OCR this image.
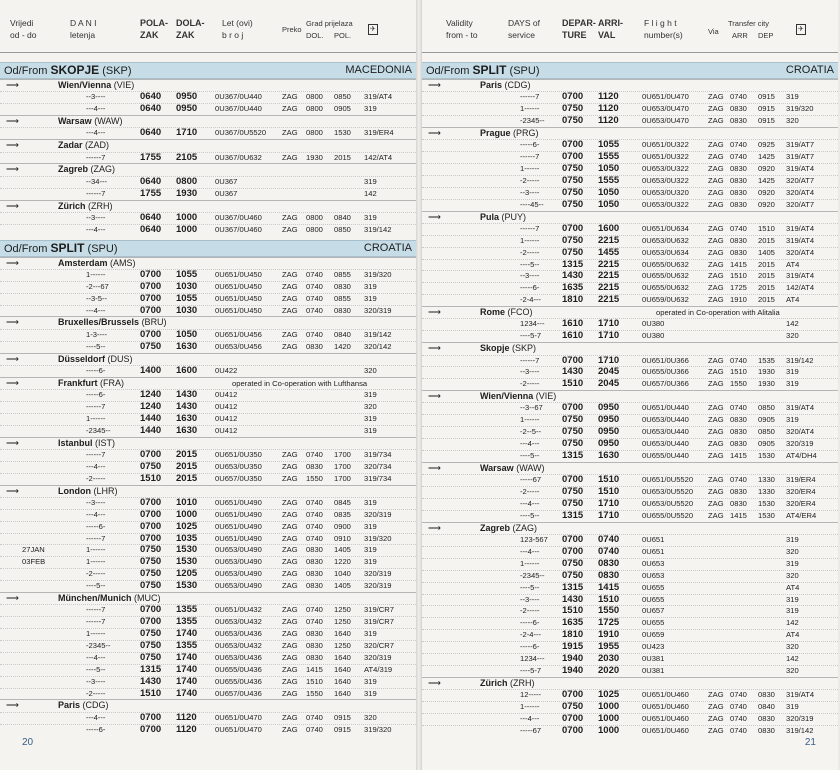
Vrijedi
od - do
D A N I
letenja
POLA-
ZAK
DOLA-
ZAK
Let (ovi)
b r o j
Preko
Grad prijelaza
DOL. POL.
✈
Od/From SKOPJE (SKP)	MACEDONIA
⟶	Wien/Vienna (VIE)
--3----	0640 0950 0U367/0U440	ZAG 0800 0850 319/AT4
---4---	0640 0950 0U367/0U440	ZAG 0800 0905 319
⟶	Warsaw (WAW)
---4---	0640 1710 0U367/0U5520 ZAG 0800 1530 319/ER4
⟶	Zadar (ZAD)
------7	1755 2105 0U367/0U632	ZAG 1930 2015 142/AT4
⟶	Zagreb (ZAG)
--34---	0640 0800 0U367	319
------7	1755 1930 0U367	142
⟶	Zürich (ZRH)
--3----	0640 1000 0U367/0U460	ZAG 0800 0840 319
---4---	0640 1000 0U367/0U460	ZAG 0800 0850 319/142
Od/From SPLIT (SPU)	CROATIA
⟶	Amsterdam (AMS)
1------	0700 1055 0U651/0U450	ZAG 0740 0855 319/320
-2---67	0700 1030 0U651/0U450	ZAG 0740 0830 319
--3-5--	0700 1055 0U651/0U450	ZAG 0740 0855 319
---4---	0700 1030 0U651/0U450	ZAG 0740 0830 320/319
⟶	Bruxelles/Brussels (BRU)
1-3----	0700 1050 0U651/0U456	ZAG 0740 0840 319/142
----5--	0750 1630 0U653/0U456	ZAG 0830 1420 320/142
⟶	Düsseldorf (DUS)
-----6-	1400 1600 0U422	320
⟶	Frankfurt (FRA)	operated in Co-operation with Lufthansa
-----6-	1240 1430 0U412	319
------7	1240 1430 0U412	320
1------	1440 1630 0U412	319
-2345--	1440 1630 0U412	319
⟶	Istanbul (IST)
------7	0700 2015 0U651/0U350	ZAG 0740 1700 319/734
---4---	0750 2015 0U653/0U350	ZAG 0830 1700 320/734
-2-----	1510 2015 0U657/0U350	ZAG 1550 1700 319/734
⟶	London (LHR)
--3----	0700 1010 0U651/0U490	ZAG 0740 0845 319
---4---	0700 1000 0U651/0U490	ZAG 0740 0835 320/319
-----6-	0700 1025 0U651/0U490	ZAG 0740 0900 319
------7	0700 1035 0U651/0U490	ZAG 0740 0910 319/320
27JAN	1------	0750 1530 0U653/0U490	ZAG 0830 1405 319
03FEB	1------	0750 1530 0U653/0U490	ZAG 0830 1220 319
-2-----	0750 1205 0U653/0U490	ZAG 0830 1040 320/319
----5--	0750 1530 0U653/0U490	ZAG 0830 1405 320/319
⟶	München/Munich (MUC)
------7	0700 1355 0U651/0U432	ZAG 0740 1250 319/CR7
------7	0700 1355 0U653/0U432	ZAG 0740 1250 319/CR7
1------	0750 1740 0U653/0U436	ZAG 0830 1640 319
-2345--	0750 1355 0U653/0U432	ZAG 0830 1250 320/CR7
---4---	0750 1740 0U653/0U436	ZAG 0830 1640 320/319
----5--	1315 1740 0U655/0U436	ZAG 1415 1640 AT4/319
--3----	1430 1740 0U655/0U436	ZAG 1510 1640 319
-2-----	1510 1740 0U657/0U436	ZAG 1550 1640 319
⟶	Paris (CDG)
---4---	0700 1120 0U651/0U470	ZAG 0740 0915 320
-----6-	0700 1120 0U651/0U470	ZAG 0740 0915 319/320
20
Validity
from - to
DAYS of
service
DEPAR-
TURE
ARRI-
VAL
F l i g h t
number(s)	Via
Transfer city
ARR DEP
✈
Od/From SPLIT (SPU)	CROATIA
⟶	Paris (CDG)
------7 0700 1120	0U651/0U470	ZAG 0740 0915 319
1------ 0750 1120	0U653/0U470	ZAG 0830 0915 319/320
-2345-- 0750 1120	0U653/0U470	ZAG 0830 0915 320
⟶	Prague (PRG)
-----6- 0700 1055	0U651/0U322	ZAG 0740 0925 319/AT7
------7 0700 1555	0U651/0U322	ZAG 0740 1425 319/AT7
1------ 0750 1050	0U653/0U322	ZAG 0830 0920 319/AT4
-2----- 0750 1555	0U653/0U322	ZAG 0830 1425 320/AT7
--3---- 0750 1050	0U653/0U320	ZAG 0830 0920 320/AT4
----45-- 0750 1050	0U653/0U322	ZAG 0830 0920 320/AT7
⟶	Pula (PUY)
------7 0700 1600	0U651/0U634	ZAG 0740 1510 319/AT4
1------ 0750 2215	0U653/0U632	ZAG 0830 2015 319/AT4
-2----- 0750 1455	0U653/0U634	ZAG 0830 1405 320/AT4
----5-- 1315 2215	0U655/0U632	ZAG 1415 2015 AT4
--3---- 1430 2215	0U655/0U632	ZAG 1510 2015 319/AT4
-----6- 1635 2215	0U655/0U632	ZAG 1725 2015 142/AT4
-2-4--- 1810 2215	0U659/0U632	ZAG 1910 2015 AT4
⟶	Rome (FCO)	operated in Co-operation with Alitalia
1234--- 1610 1710	0U380	142
----5-7 1610 1710	0U380	320
⟶	Skopje (SKP)
------7 0700 1710	0U651/0U366	ZAG 0740 1535 319/142
--3---- 1430 2045	0U655/0U366	ZAG 1510 1930 319
-2----- 1510 2045	0U657/0U366	ZAG 1550 1930 319
⟶	Wien/Vienna (VIE)
--3--67 0700 0950	0U651/0U440	ZAG 0740 0850 319/AT4
1------ 0750 0950	0U653/0U440	ZAG 0830 0905 319
-2--5-- 0750 0950	0U653/0U440	ZAG 0830 0850 320/AT4
---4--- 0750 0950	0U653/0U440	ZAG 0830 0905 320/319
----5-- 1315 1630	0U655/0U440	ZAG 1415 1530 AT4/DH4
⟶	Warsaw (WAW)
-----67 0700 1510	0U651/0U5520 ZAG 0740 1330 319/ER4
-2----- 0750 1510	0U653/0U5520 ZAG 0830 1330 320/ER4
---4--- 0750 1710	0U653/0U5520 ZAG 0830 1530 320/ER4
----5-- 1315 1710	0U655/0U5520 ZAG 1415 1530 AT4/ER4
⟶	Zagreb (ZAG)
123-567 0700 0740	0U651	319
---4--- 0700 0740	0U651	320
1------ 0750 0830	0U653	319
-2345-- 0750 0830	0U653	320
----5-- 1315 1415	0U655	AT4
--3---- 1430 1510	0U655	319
-2----- 1510 1550	0U657	319
-----6- 1635 1725	0U655	142
-2-4--- 1810 1910	0U659	AT4
-----6- 1915 1955	0U423	320
1234--- 1940 2030	0U381	142
----5-7 1940 2020	0U381	320
⟶	Zürich (ZRH)
12----- 0700 1025	0U651/0U460	ZAG 0740 0830 319/AT4
1------ 0750 1000	0U651/0U460	ZAG 0740 0840 319
---4--- 0700 1000	0U651/0U460	ZAG 0740 0830 320/319
-----67 0700 1000	0U651/0U460	ZAG 0740 0830 319/142
21
